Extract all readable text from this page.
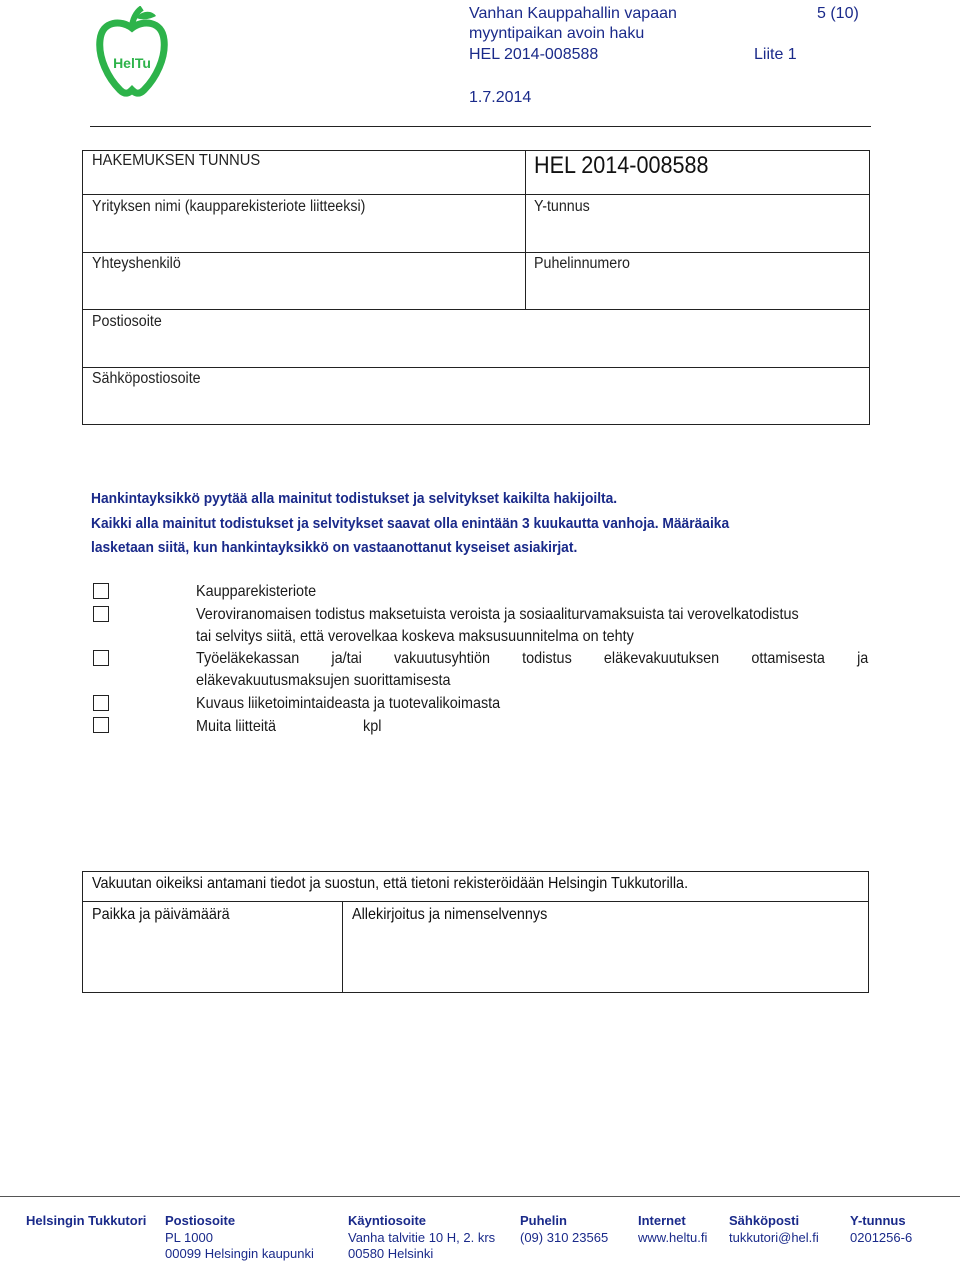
HelTu
Vanhan Kauppahallin vapaan
myyntipaikan avoin haku
HEL 2014-008588	Liite 1
1.7.2014
5 (10)
HAKEMUKSEN TUNNUS	HEL 2014-008588
Yrityksen nimi (kaupparekisteriote liitteeksi)	Y-tunnus
Yhteyshenkilö	Puhelinnumero
Postiosoite
Sähköpostiosoite
Hankintayksikkö pyytää alla mainitut todistukset ja selvitykset kaikilta hakijoilta.
Kaikki alla mainitut todistukset ja selvitykset saavat olla enintään 3 kuukautta vanhoja. Määräaika
lasketaan siitä, kun hankintayksikkö on vastaanottanut kyseiset asiakirjat.
Kaupparekisteriote
Veroviranomaisen todistus maksetuista veroista ja sosiaaliturvamaksuista tai verovelkatodistus
tai selvitys siitä, että verovelkaa koskeva maksusuunnitelma on tehty
Työeläkekassan ja/tai vakuutusyhtiön todistus eläkevakuutuksen ottamisesta ja
eläkevakuutusmaksujen suorittamisesta
Kuvaus liiketoimintaideasta ja tuotevalikoimasta
Muita liitteitä	kpl
Vakuutan oikeiksi antamani tiedot ja suostun, että tietoni rekisteröidään Helsingin Tukkutorilla.
Paikka ja päivämäärä	Allekirjoitus ja nimenselvennys
Helsingin Tukkutori Postiosoite
PL 1000
00099 Helsingin kaupunki
Käyntiosoite
Vanha talvitie 10 H, 2. krs
00580 Helsinki
Puhelin
(09) 310 23565
Internet
www.heltu.fi
Sähköposti
tukkutori@hel.fi
Y-tunnus
0201256-6
